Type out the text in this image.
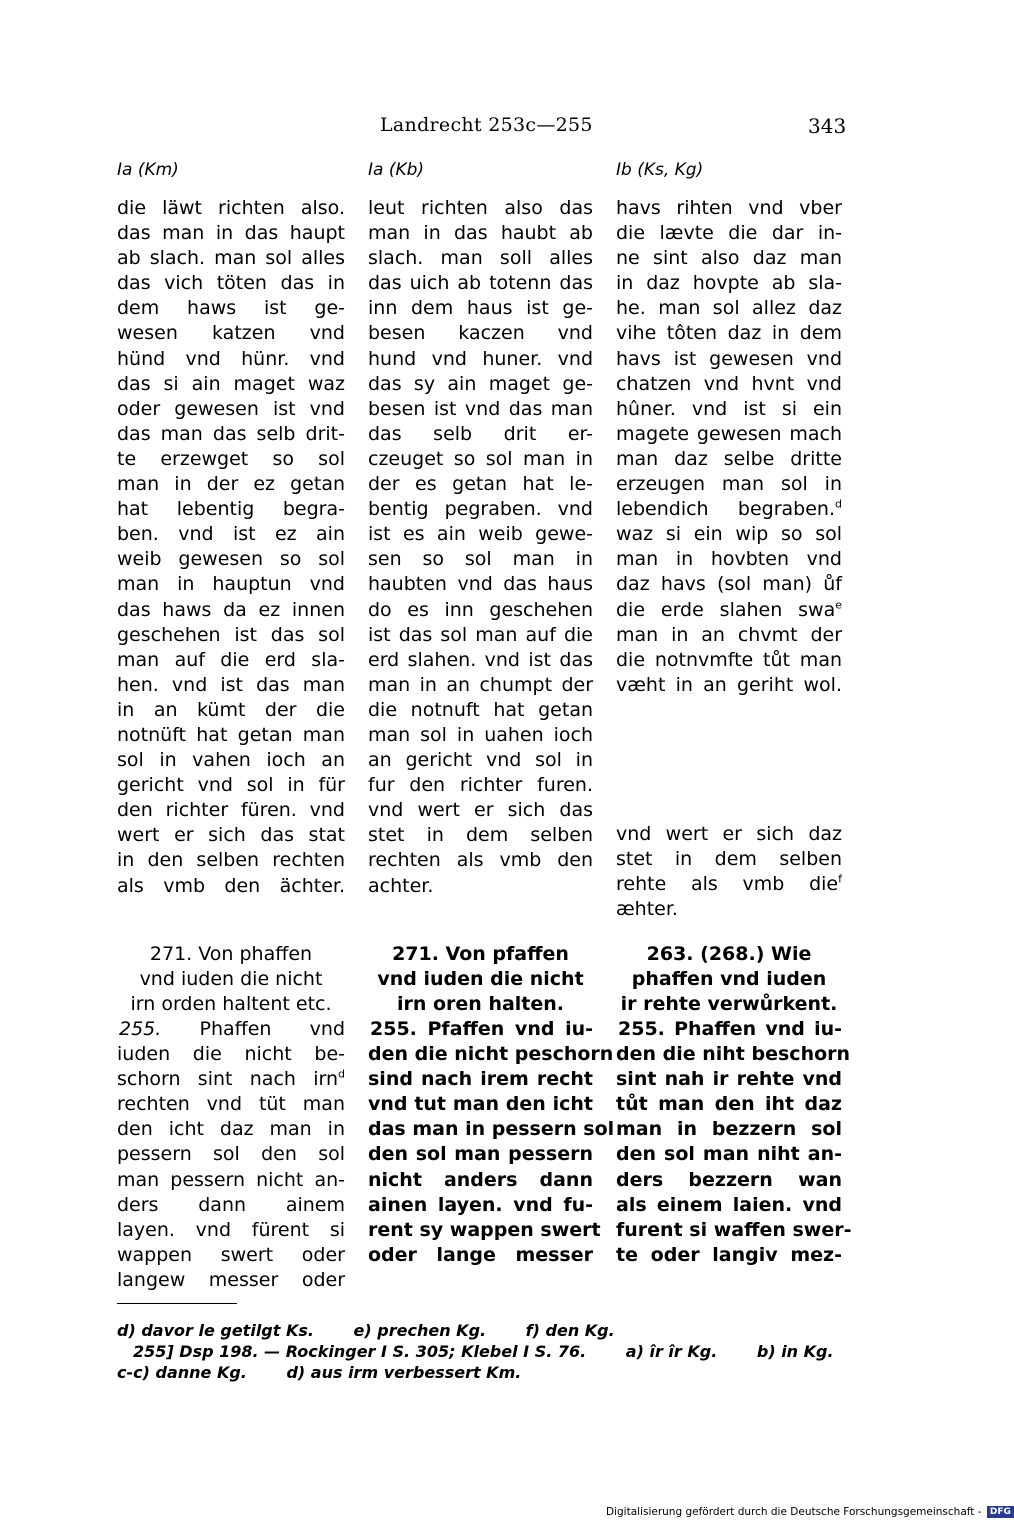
Landrecht 253c—255	343
Ia (Km)
die läwt richten also.
das man in das haupt
ab slach. man sol alles
das vich töten das in
dem haws ist ge-
wesen katzen vnd
hünd vnd hünr. vnd
das si ain maget waz
oder gewesen ist vnd
das man das selb drit-
te erzewget so sol
man in der ez getan
hat lebentig begra-
ben. vnd ist ez ain
weib gewesen so sol
man in hauptun vnd
das haws da ez innen
geschehen ist das sol
man auf die erd sla-
hen. vnd ist das man
in an kümt der die
notnüft hat getan man
sol in vahen ioch an
gericht vnd sol in für
den richter füren. vnd
wert er sich das stat
in den selben rechten
als vmb den ächter.
271. Von phaffen
vnd iuden die nicht
irn orden haltent etc.
255. Phaffen vnd
iuden die nicht be-
schorn sint nach irn$^d$
rechten vnd tüt man
den icht daz man in
pessern sol den sol
man pessern nicht an-
ders dann ainem
layen. vnd fürent si
wappen swert oder
langew messer oder
Ia (Kb)
leut richten also das
man in das haubt ab
slach. man soll alles
das uich ab totenn das
inn dem haus ist ge-
besen kaczen vnd
hund vnd huner. vnd
das sy ain maget ge-
besen ist vnd das man
das selb drit er-
czeuget so sol man in
der es getan hat le-
bentig pegraben. vnd
ist es ain weib gewe-
sen so sol man in
haubten vnd das haus
do es inn geschehen
ist das sol man auf die
erd slahen. vnd ist das
man in an chumpt der
die notnuft hat getan
man sol in uahen ioch
an gericht vnd sol in
fur den richter furen.
vnd wert er sich das
stet in dem selben
rechten als vmb den
achter.
271. Von pfaffen
vnd iuden die nicht
irn oren halten.
255. Pfaffen vnd iu-
den die nicht peschorn
sind nach irem recht
vnd tut man den icht
das man in pessern sol
den sol man pessern
nicht anders dann
ainen layen. vnd fu-
rent sy wappen swert
oder lange messer
Ib (Ks, Kg)
havs rihten vnd vber
die lævte die dar in-
ne sint also daz man
in daz hovpte ab sla-
he. man sol allez daz
vihe tôten daz in dem
havs ist gewesen vnd
chatzen vnd hvnt vnd
hûner. vnd ist si ein
magete gewesen mach
man daz selbe dritte
erzeugen man sol in
lebendich begraben.$^d$
waz si ein wip so sol
man in hovbten vnd
daz havs (sol man) ůf
die erde slahen swa$^e$
man in an chvmt der
die notnvmfte tůt man
væht in an geriht wol.
vnd wert er sich daz
stet in dem selben
rehte als vmb die$^f$
æhter.
263. (268.) Wie
phaffen vnd iuden
ir rehte verwůrkent.
255. Phaffen vnd iu-
den die niht beschorn
sint nah ir rehte vnd
tůt man den iht daz
man in bezzern sol
den sol man niht an-
ders bezzern wan
als einem laien. vnd
furent si waffen swer-
te oder langiv mez-
d) davor le getilgt Ks. e) prechen Kg. f) den Kg.
255] Dsp 198. — Rockinger I S. 305; Klebel I S. 76. a) îr îr Kg. b) in Kg.
c-c) danne Kg. d) aus irm verbessert Km.
Digitalisierung gefördert durch die Deutsche Forschungsgemeinschaft - DFG
